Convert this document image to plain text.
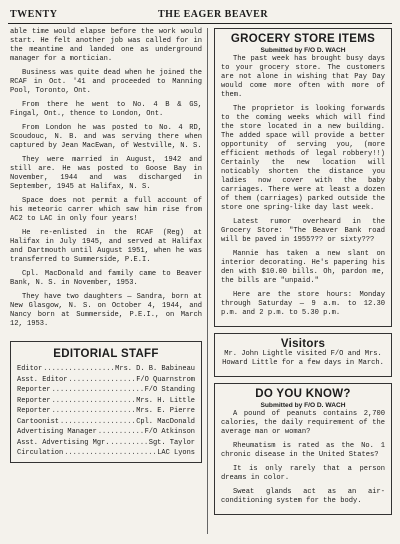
TWENTY	THE EAGER BEAVER

able time would elapse before the work would start. He felt another job was called for in the meantime and landed one as underground manager for a mortician.

Business was quite dead when he joined the RCAF in Oct. '41 and proceeded to Manning Pool, Toronto, Ont.

From there he went to No. 4 B & GS, Fingal, Ont., thence to London, Ont.

From London he was posted to No. 4 RD, Scoudouc, N. B. and was serving there when captured by Jean MacEwan, of Westville, N. S.

They were married in August, 1942 and still are. He was posted to Goose Bay in November, 1944 and was discharged in September, 1945 at Halifax, N. S.

Space does not permit a full account of his meteoric carrer which saw him rise from AC2 to LAC in only four years!

He re-enlisted in the RCAF (Reg) at Halifax in July 1945, and served at Halifax and Dartmouth until August 1951, when he was transferred to Summerside, P.E.I.

Cpl. MacDonald and family came to Beaver Bank, N. S. in November, 1953.

They have two daughters — Sandra, born at New Glasgow, N. S. on October 4, 1944, and Nancy born at Summerside, P.E.I., on March 12, 1953.

EDITORIAL STAFF
Editor .....	Mrs. D. B. Babineau
Asst. Editor .....	F/O Quarnstrom
Reporter .....	F/O Standing
Reporter .....	Mrs. H. Little
Reporter .....	Mrs. E. Pierre
Cartoonist .....	Cpl. MacDonald
Advertising Manager .....	F/O Atkinson
Asst. Advertising Mgr. .....	Sgt. Taylor
Circulation .....	LAC Lyons
GROCERY STORE ITEMS
Submitted by F/O D. WACH

The past week has brought busy days to your grocery store. The customers are not alone in wishing that Pay Day would come more often with more of them.

The proprietor is looking forwards to the coming weeks which will find the store located in a new building. The added space will provide a better opportunity of serving you, (more efficient methods of legal robbery!!) Certainly the new location will noticably shorten the distance you ladies now cover with the baby carriages. There were at least a dozen of them (carriages) parked outside the store one spring-like day last week.

Latest rumor overheard in the Grocery Store: "The Beaver Bank road will be paved in 1955??? or sixty???

Mannie has taken a new slant on interior decorating. He's papering his den with $10.00 bills. Oh, pardon me, the bills are "unpaid."

Here are the store hours: Monday through Saturday — 9 a.m. to 12.30 p.m. and 2 p.m. to 5.30 p.m.

Visitors

Mr. John Lightle visited F/O and Mrs. Howard Little for a few days in March.

DO YOU KNOW?
Submitted by F/O D. WACH

A pound of peanuts contains 2,700 calories, the daily requirement of the average man or woman?

Rheumatism is rated as the No. 1 chronic disease in the United States?

It is only rarely that a person dreams in color.

Sweat glands act as an air-conditioning system for the body.
